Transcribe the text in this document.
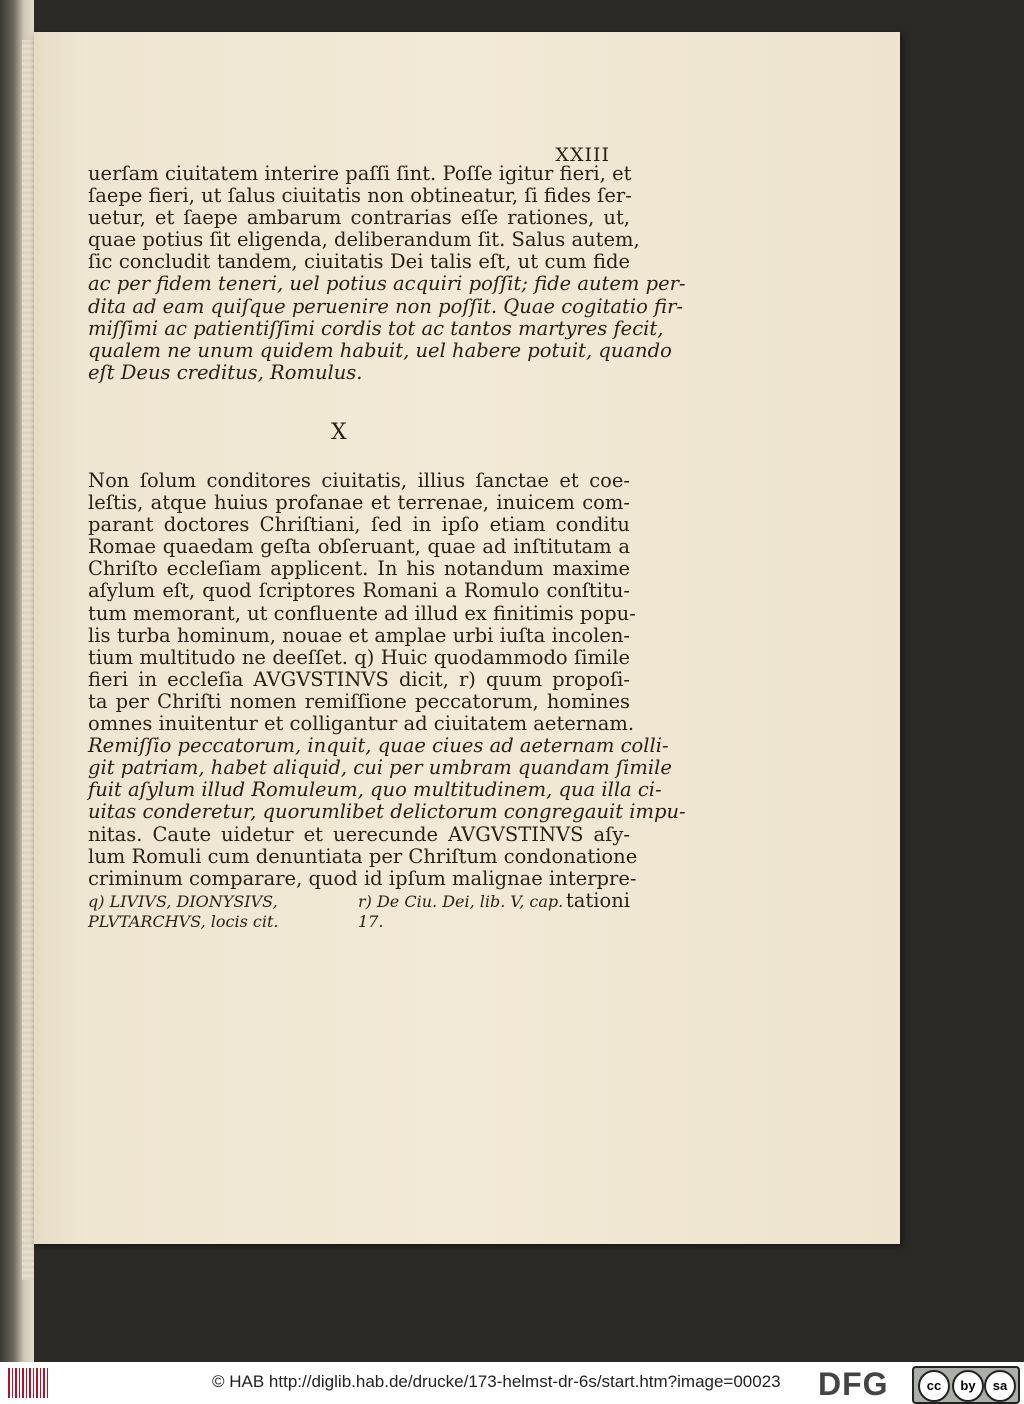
XXIII
uerſam ciuitatem interire paſſi ſint. Poſſe igitur fieri, et
ſaepe fieri, ut ſalus ciuitatis non obtineatur, ſi fides ſer-
uetur, et ſaepe ambarum contrarias eſſe rationes, ut,
quae potius ſit eligenda, deliberandum ſit. Salus autem,
ſic concludit tandem, ciuitatis Dei talis eſt, ut cum fide
ac per fidem teneri, uel potius acquiri poſſit; fide autem per-
dita ad eam quiſque peruenire non poſſit. Quae cogitatio fir-
miſſimi ac patientiſſimi cordis tot ac tantos martyres fecit,
qualem ne unum quidem habuit, uel habere potuit, quando
eſt Deus creditus, Romulus.
X
Non ſolum conditores ciuitatis, illius ſanctae et coe-
leſtis, atque huius profanae et terrenae, inuicem com-
parant doctores Chriſtiani, ſed in ipſo etiam conditu
Romae quaedam geſta obſeruant, quae ad inſtitutam a
Chriſto eccleſiam applicent. In his notandum maxime
aſylum eſt, quod ſcriptores Romani a Romulo conſtitu-
tum memorant, ut confluente ad illud ex finitimis popu-
lis turba hominum, nouae et amplae urbi iuſta incolen-
tium multitudo ne deeſſet. q) Huic quodammodo ſimile
fieri in eccleſia AVGVSTINVS dicit, r) quum propoſi-
ta per Chriſti nomen remiſſione peccatorum, homines
omnes inuitentur et colligantur ad ciuitatem aeternam.
Remiſſio peccatorum, inquit, quae ciues ad aeternam colli-
git patriam, habet aliquid, cui per umbram quandam ſimile
fuit aſylum illud Romuleum, quo multitudinem, qua illa ci-
uitas conderetur, quorumlibet delictorum congregauit impu-
nitas. Caute uidetur et uerecunde AVGVSTINVS aſy-
lum Romuli cum denuntiata per Chriſtum condonatione
criminum comparare, quod id ipſum malignae interpre-
tationi
q) LIVIVS, DIONYSIVS,	r) De Ciu. Dei, lib. V, cap.
PLVTARCHVS, locis cit.	17.
© HAB http://diglib.hab.de/drucke/173-helmst-dr-6s/start.htm?image=00023 DFG	cc	by	sa
